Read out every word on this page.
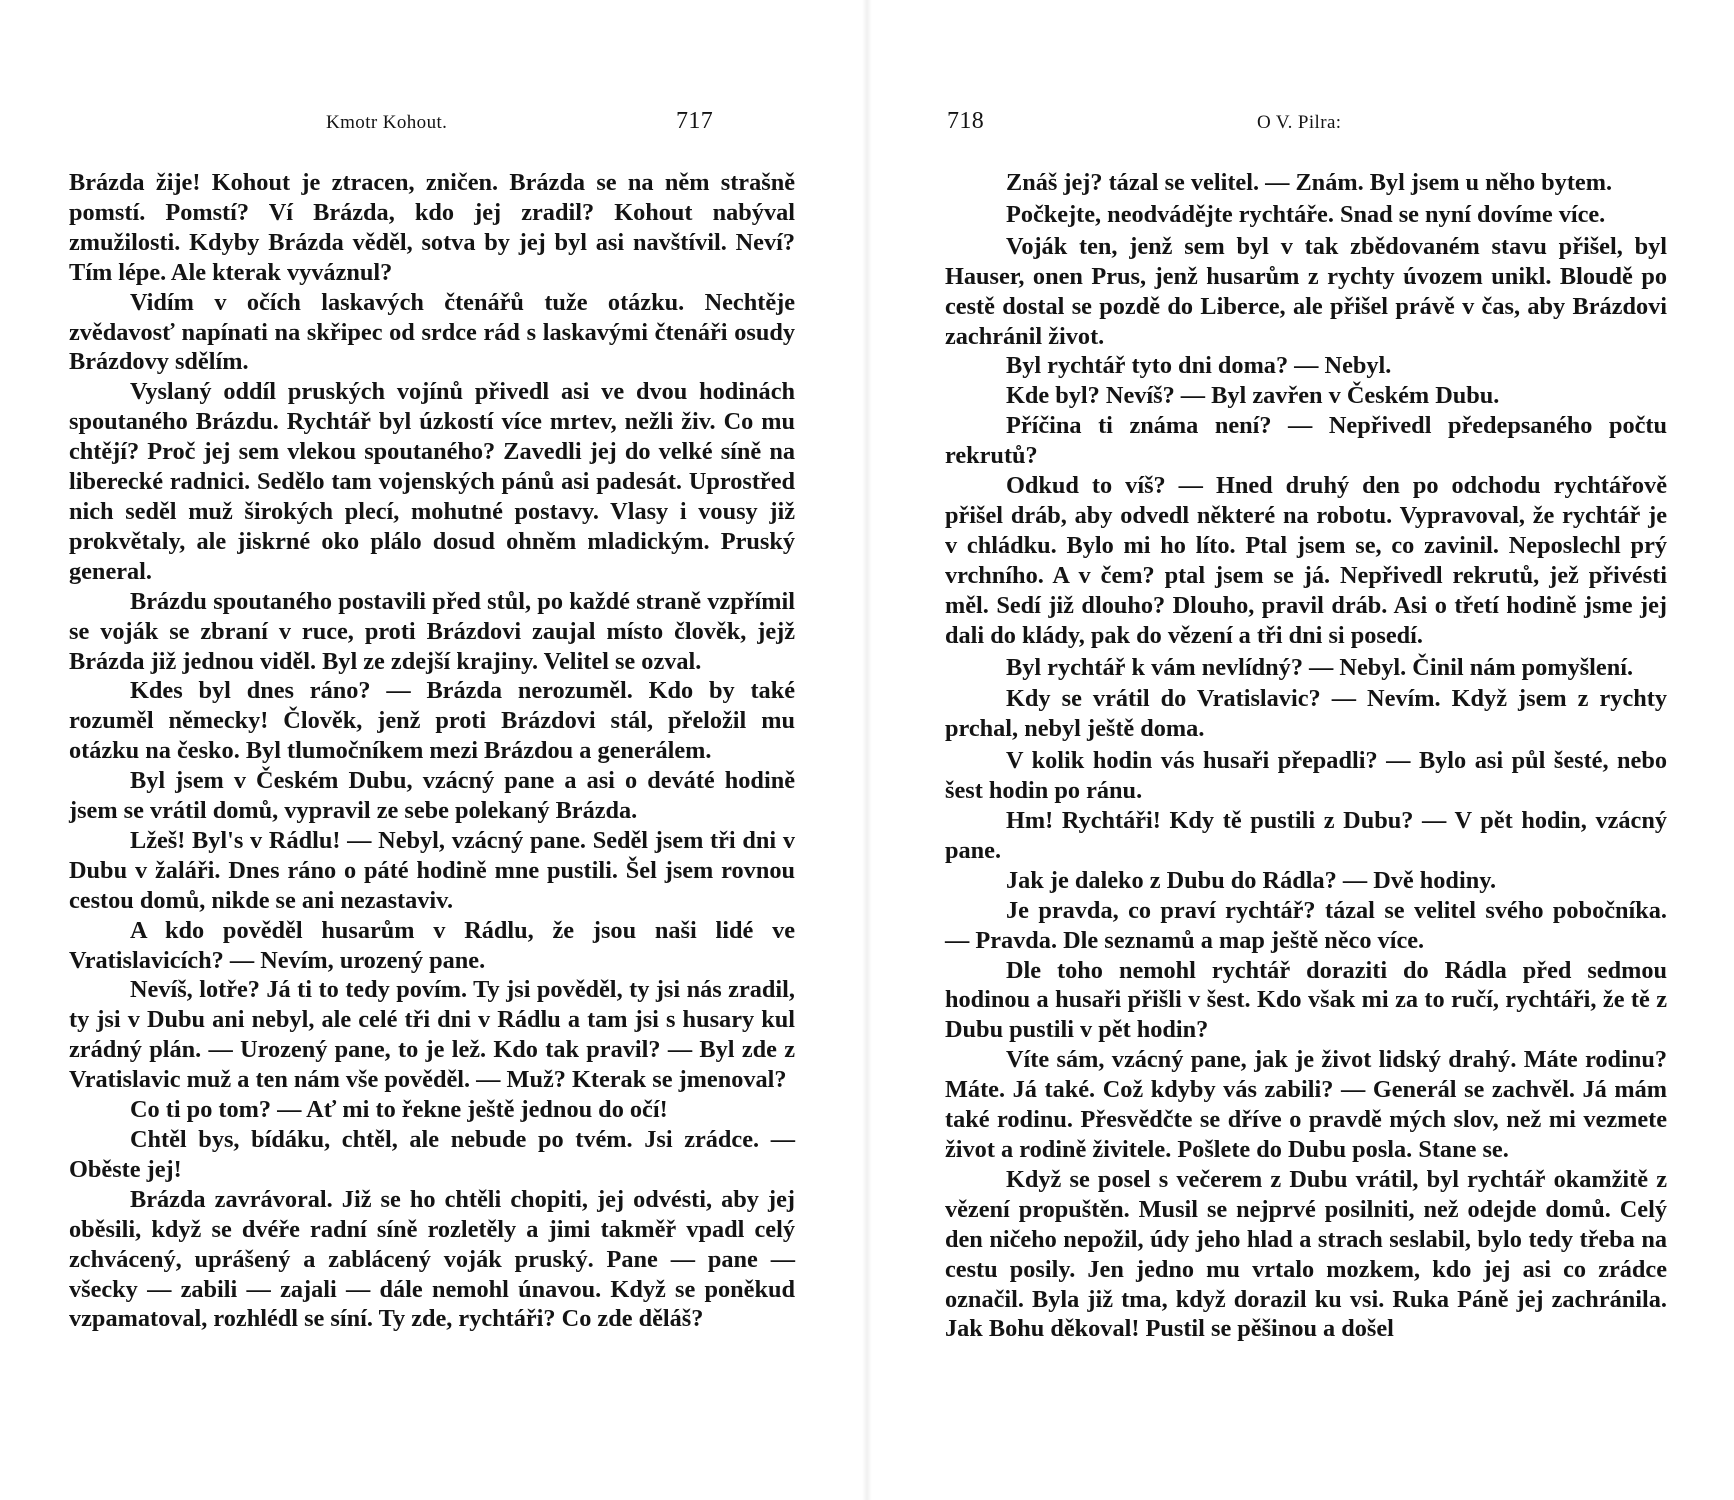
Kmotr Kohout.	717

Brázda žije! Kohout je ztracen, zničen. Brázda se na něm strašně pomstí. Pomstí? Ví Brázda, kdo jej zradil? Kohout nabýval zmužilosti. Kdyby Brázda věděl, sotva by jej byl asi navštívil. Neví? Tím lépe. Ale kterak vyváznul?

Vidím v očích laskavých čtenářů tuže otázku. Nechtěje zvědavosť napínati na skřipec od srdce rád s laskavými čtenáři osudy Brázdovy sdělím.

Vyslaný oddíl pruských vojínů přivedl asi ve dvou hodinách spoutaného Brázdu. Rychtář byl úzkostí více mrtev, nežli živ. Co mu chtějí? Proč jej sem vlekou spoutaného? Zavedli jej do velké síně na liberecké radnici. Sedělo tam vojenských pánů asi padesát. Uprostřed nich seděl muž širokých plecí, mohutné postavy. Vlasy i vousy již prokvětaly, ale jiskrné oko plálo dosud ohněm mladickým. Pruský general.

Brázdu spoutaného postavili před stůl, po každé straně vzpřímil se voják se zbraní v ruce, proti Brázdovi zaujal místo člověk, jejž Brázda již jednou viděl. Byl ze zdejší krajiny. Velitel se ozval.

Kdes byl dnes ráno? — Brázda nerozuměl. Kdo by také rozuměl německy! Člověk, jenž proti Brázdovi stál, přeložil mu otázku na česko. Byl tlumočníkem mezi Brázdou a generálem.

Byl jsem v Českém Dubu, vzácný pane a asi o deváté hodině jsem se vrátil domů, vypravil ze sebe polekaný Brázda.

Lžeš! Byl's v Rádlu! — Nebyl, vzácný pane. Seděl jsem tři dni v Dubu v žaláři. Dnes ráno o páté hodině mne pustili. Šel jsem rovnou cestou domů, nikde se ani nezastaviv.

A kdo pověděl husarům v Rádlu, že jsou naši lidé ve Vratislavicích? — Nevím, urozený pane.

Nevíš, lotře? Já ti to tedy povím. Ty jsi pověděl, ty jsi nás zradil, ty jsi v Dubu ani nebyl, ale celé tři dni v Rádlu a tam jsi s husary kul zrádný plán. — Urozený pane, to je lež. Kdo tak pravil? — Byl zde z Vratislavic muž a ten nám vše pověděl. — Muž? Kterak se jmenoval?

Co ti po tom? — Ať mi to řekne ještě jednou do očí!

Chtěl bys, bídáku, chtěl, ale nebude po tvém. Jsi zrádce. — Oběste jej!

Brázda zavrávoral. Již se ho chtěli chopiti, jej odvésti, aby jej oběsili, když se dvéře radní síně rozletěly a jimi takměř vpadl celý zchvácený, uprášený a zablácený voják pruský. Pane — pane — všecky — zabili — zajali — dále nemohl únavou. Když se poněkud vzpamatoval, rozhlédl se síní. Ty zde, rychtáři? Co zde děláš?

718	O V. Pilra:

Znáš jej? tázal se velitel. — Znám. Byl jsem u něho bytem.

Počkejte, neodvádějte rychtáře. Snad se nyní dovíme více.

Voják ten, jenž sem byl v tak zbědovaném stavu přišel, byl Hauser, onen Prus, jenž husarům z rychty úvozem unikl. Bloudě po cestě dostal se pozdě do Liberce, ale přišel právě v čas, aby Brázdovi zachránil život.

Byl rychtář tyto dni doma? — Nebyl.

Kde byl? Nevíš? — Byl zavřen v Českém Dubu.

Příčina ti známa není? — Nepřivedl předepsaného počtu rekrutů?

Odkud to víš? — Hned druhý den po odchodu rychtářově přišel dráb, aby odvedl některé na robotu. Vypravoval, že rychtář je v chládku. Bylo mi ho líto. Ptal jsem se, co zavinil. Neposlechl prý vrchního. A v čem? ptal jsem se já. Nepřivedl rekrutů, jež přivésti měl. Sedí již dlouho? Dlouho, pravil dráb. Asi o třetí hodině jsme jej dali do klády, pak do vězení a tři dni si posedí.

Byl rychtář k vám nevlídný? — Nebyl. Činil nám pomyšlení.

Kdy se vrátil do Vratislavic? — Nevím. Když jsem z rychty prchal, nebyl ještě doma.

V kolik hodin vás husaři přepadli? — Bylo asi půl šesté, nebo šest hodin po ránu.

Hm! Rychtáři! Kdy tě pustili z Dubu? — V pět hodin, vzácný pane.

Jak je daleko z Dubu do Rádla? — Dvě hodiny.

Je pravda, co praví rychtář? tázal se velitel svého pobočníka. — Pravda. Dle seznamů a map ještě něco více.

Dle toho nemohl rychtář doraziti do Rádla před sedmou hodinou a husaři přišli v šest. Kdo však mi za to ručí, rychtáři, že tě z Dubu pustili v pět hodin?

Víte sám, vzácný pane, jak je život lidský drahý. Máte rodinu? Máte. Já také. Což kdyby vás zabili? — Generál se zachvěl. Já mám také rodinu. Přesvědčte se dříve o pravdě mých slov, než mi vezmete život a rodině živitele. Pošlete do Dubu posla. Stane se.

Když se posel s večerem z Dubu vrátil, byl rychtář okamžitě z vězení propuštěn. Musil se nejprvé posilniti, než odejde domů. Celý den ničeho nepožil, údy jeho hlad a strach seslabil, bylo tedy třeba na cestu posily. Jen jedno mu vrtalo mozkem, kdo jej asi co zrádce označil. Byla již tma, když dorazil ku vsi. Ruka Páně jej zachránila. Jak Bohu děkoval! Pustil se pěšinou a došel
